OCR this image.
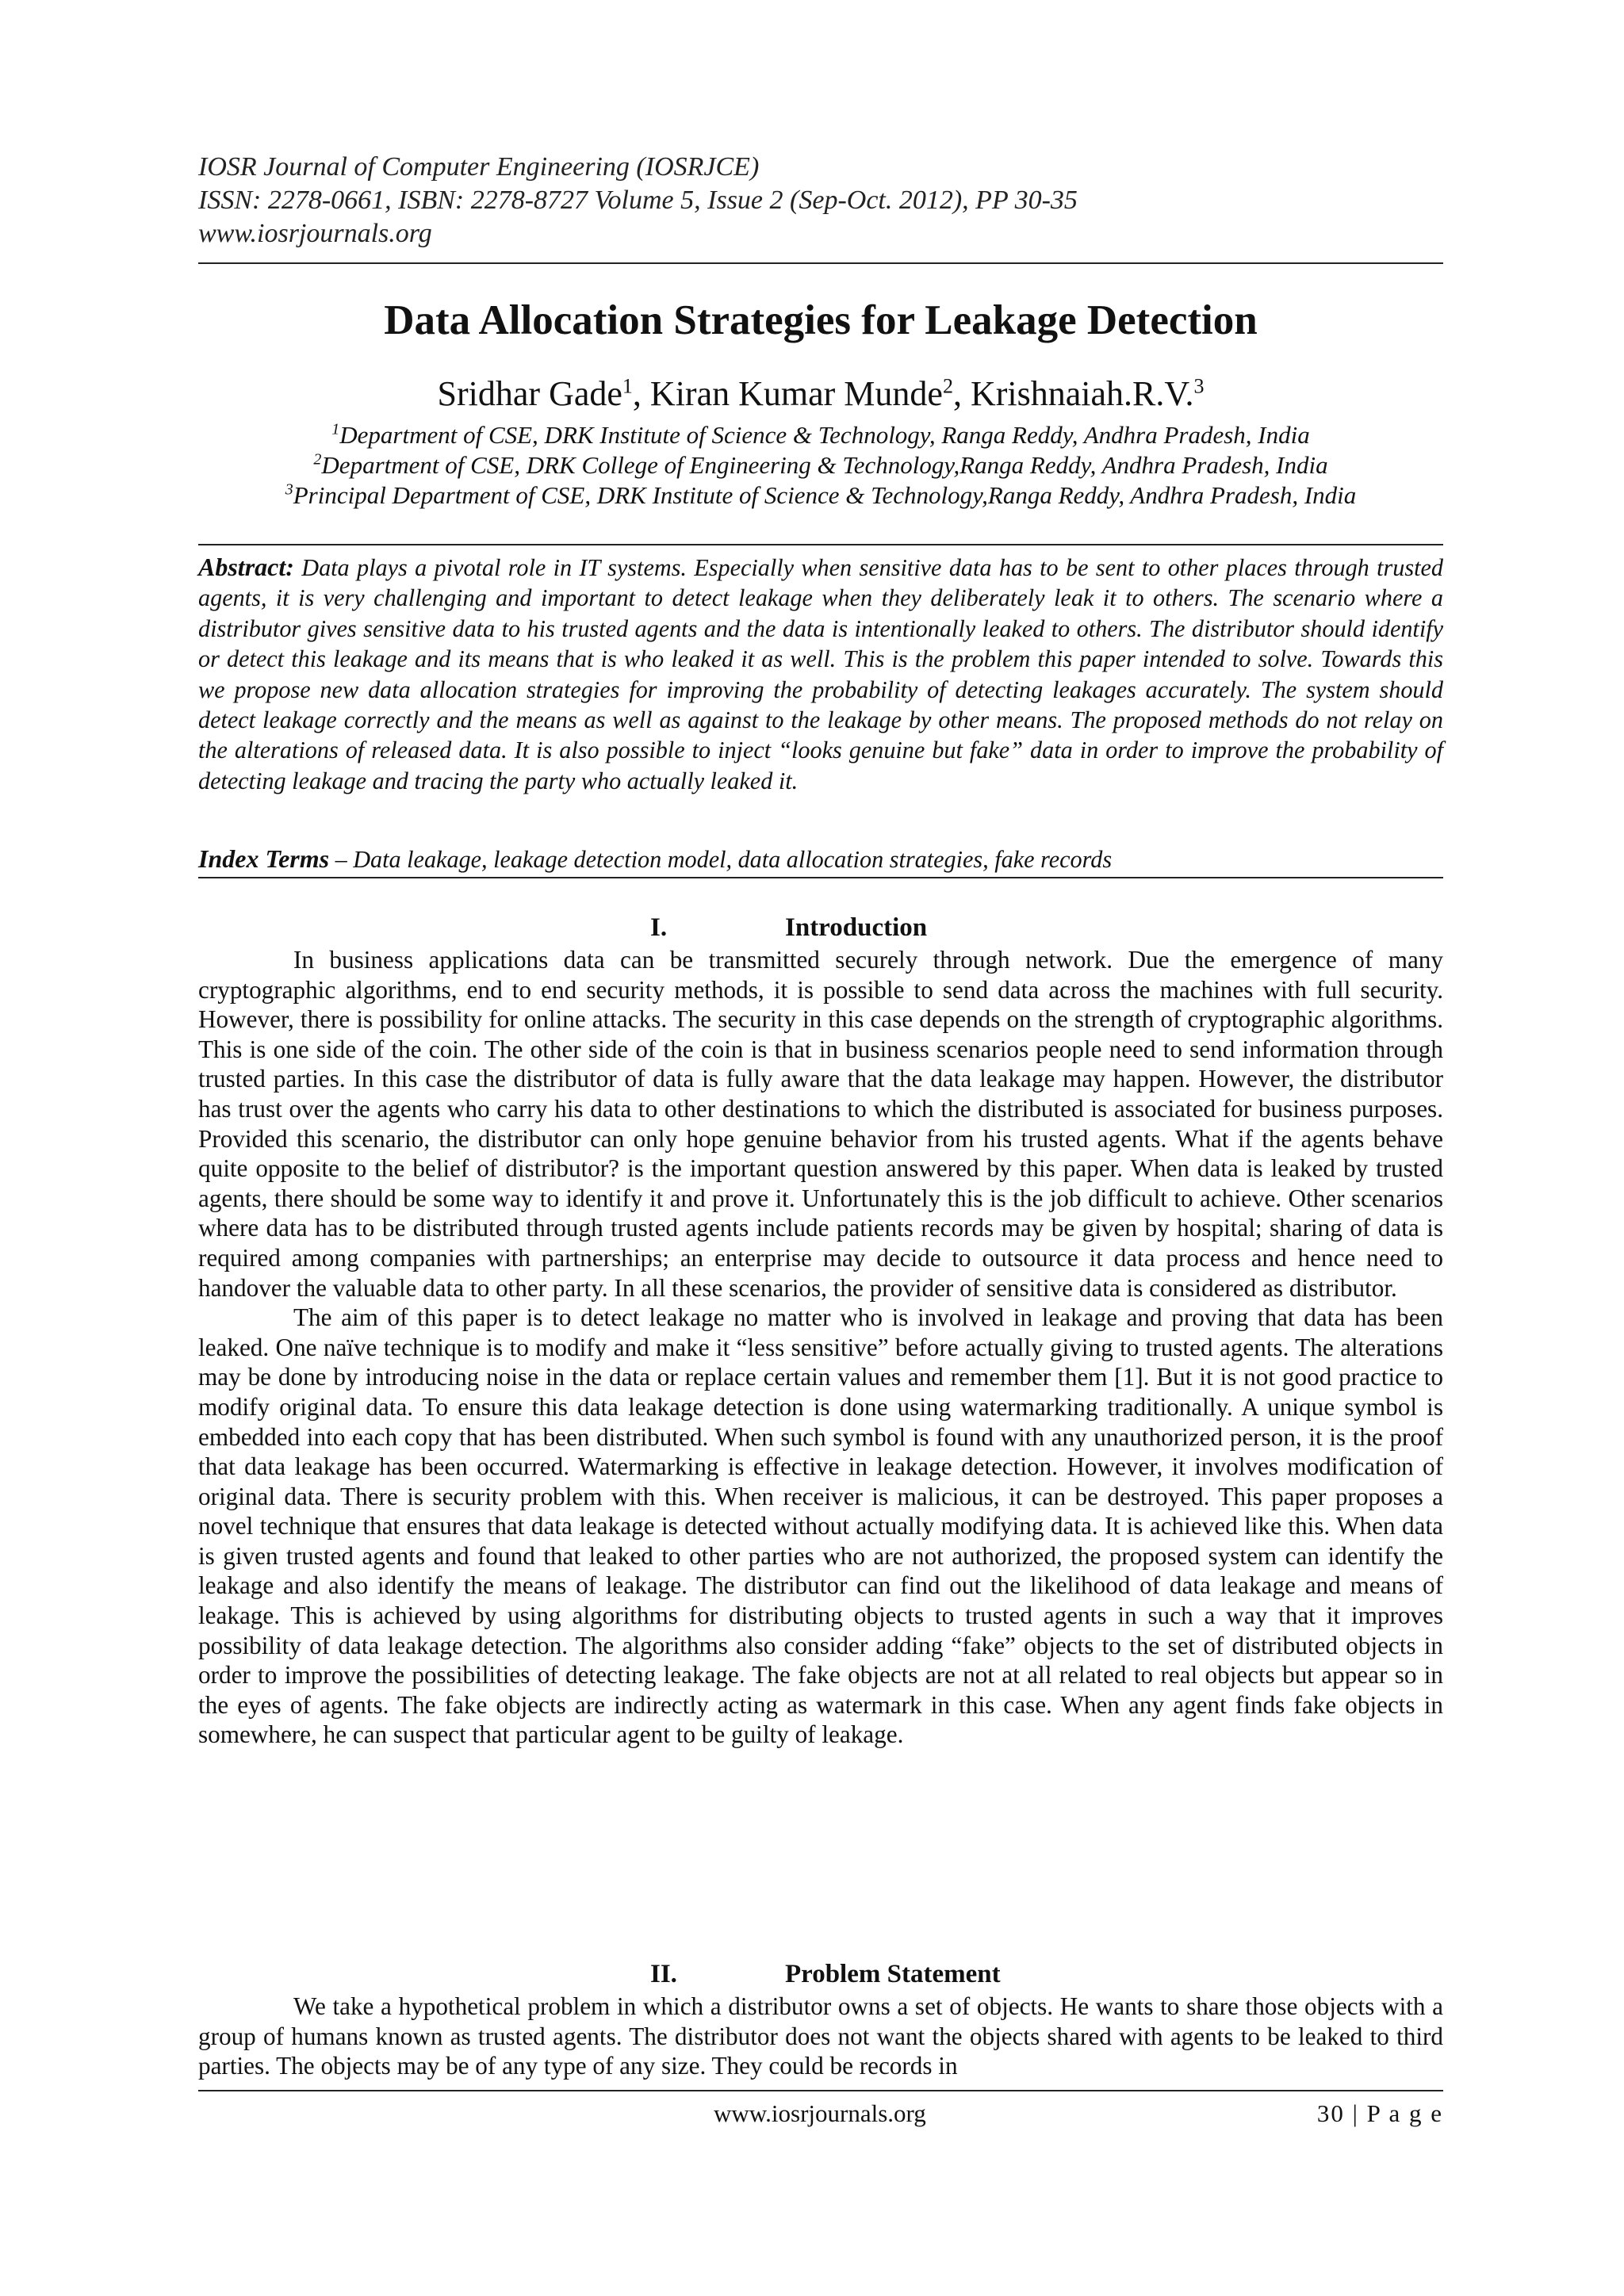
IOSR Journal of Computer Engineering (IOSRJCE)
ISSN: 2278-0661, ISBN: 2278-8727 Volume 5, Issue 2 (Sep-Oct. 2012), PP 30-35
www.iosrjournals.org
Data Allocation Strategies for Leakage Detection
Sridhar Gade$^1$, Kiran Kumar Munde$^2$, Krishnaiah.R.V.$^3$
$^1$Department of CSE, DRK Institute of Science & Technology, Ranga Reddy, Andhra Pradesh, India
$^2$Department of CSE, DRK College of Engineering & Technology,Ranga Reddy, Andhra Pradesh, India
$^3$Principal Department of CSE, DRK Institute of Science & Technology,Ranga Reddy, Andhra Pradesh, India
Abstract: Data plays a pivotal role in IT systems. Especially when sensitive data has to be sent to other places through trusted agents, it is very challenging and important to detect leakage when they deliberately leak it to others. The scenario where a distributor gives sensitive data to his trusted agents and the data is intentionally leaked to others. The distributor should identify or detect this leakage and its means that is who leaked it as well. This is the problem this paper intended to solve. Towards this we propose new data allocation strategies for improving the probability of detecting leakages accurately. The system should detect leakage correctly and the means as well as against to the leakage by other means. The proposed methods do not relay on the alterations of released data. It is also possible to inject “looks genuine but fake” data in order to improve the probability of detecting leakage and tracing the party who actually leaked it.
Index Terms – Data leakage, leakage detection model, data allocation strategies, fake records
I.	Introduction

In business applications data can be transmitted securely through network. Due the emergence of many cryptographic algorithms, end to end security methods, it is possible to send data across the machines with full security. However, there is possibility for online attacks. The security in this case depends on the strength of cryptographic algorithms. This is one side of the coin. The other side of the coin is that in business scenarios people need to send information through trusted parties. In this case the distributor of data is fully aware that the data leakage may happen. However, the distributor has trust over the agents who carry his data to other destinations to which the distributed is associated for business purposes. Provided this scenario, the distributor can only hope genuine behavior from his trusted agents. What if the agents behave quite opposite to the belief of distributor? is the important question answered by this paper. When data is leaked by trusted agents, there should be some way to identify it and prove it. Unfortunately this is the job difficult to achieve. Other scenarios where data has to be distributed through trusted agents include patients records may be given by hospital; sharing of data is required among companies with partnerships; an enterprise may decide to outsource it data process and hence need to handover the valuable data to other party. In all these scenarios, the provider of sensitive data is considered as distributor.

The aim of this paper is to detect leakage no matter who is involved in leakage and proving that data has been leaked. One naïve technique is to modify and make it “less sensitive” before actually giving to trusted agents. The alterations may be done by introducing noise in the data or replace certain values and remember them [1]. But it is not good practice to modify original data. To ensure this data leakage detection is done using watermarking traditionally. A unique symbol is embedded into each copy that has been distributed. When such symbol is found with any unauthorized person, it is the proof that data leakage has been occurred. Watermarking is effective in leakage detection. However, it involves modification of original data. There is security problem with this. When receiver is malicious, it can be destroyed. This paper proposes a novel technique that ensures that data leakage is detected without actually modifying data. It is achieved like this. When data is given trusted agents and found that leaked to other parties who are not authorized, the proposed system can identify the leakage and also identify the means of leakage. The distributor can find out the likelihood of data leakage and means of leakage. This is achieved by using algorithms for distributing objects to trusted agents in such a way that it improves possibility of data leakage detection. The algorithms also consider adding “fake” objects to the set of distributed objects in order to improve the possibilities of detecting leakage. The fake objects are not at all related to real objects but appear so in the eyes of agents. The fake objects are indirectly acting as watermark in this case. When any agent finds fake objects in somewhere, he can suspect that particular agent to be guilty of leakage.

II.	Problem Statement

We take a hypothetical problem in which a distributor owns a set of objects. He wants to share those objects with a group of humans known as trusted agents. The distributor does not want the objects shared with agents to be leaked to third parties. The objects may be of any type of any size. They could be records in

www.iosrjournals.org	30 | P a g e
